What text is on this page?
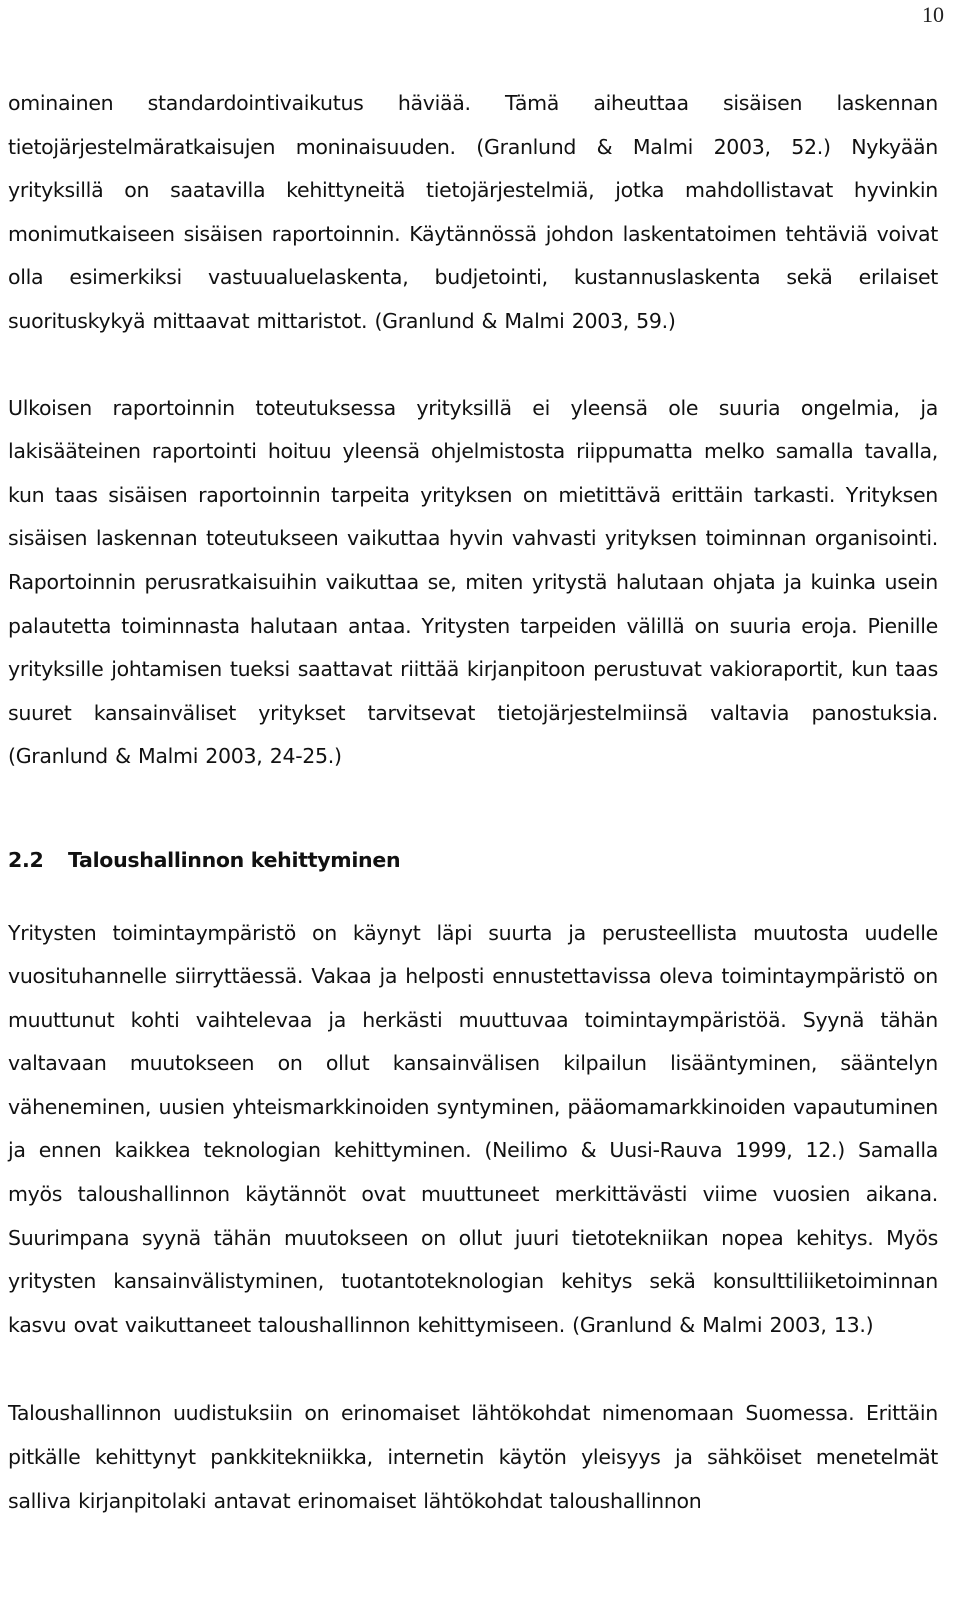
10

ominainen standardointivaikutus häviää. Tämä aiheuttaa sisäisen laskennan tietojärjestelmäratkaisujen moninaisuuden. (Granlund & Malmi 2003, 52.) Nykyään yrityksillä on saatavilla kehittyneitä tietojärjestelmiä, jotka mahdollistavat hyvinkin monimutkaiseen sisäisen raportoinnin. Käytännössä johdon laskentatoimen tehtäviä voivat olla esimerkiksi vastuualuelaskenta, budjetointi, kustannuslaskenta sekä erilaiset suorituskykyä mittaavat mittaristot. (Granlund & Malmi 2003, 59.)

Ulkoisen raportoinnin toteutuksessa yrityksillä ei yleensä ole suuria ongelmia, ja lakisääteinen raportointi hoituu yleensä ohjelmistosta riippumatta melko samalla tavalla, kun taas sisäisen raportoinnin tarpeita yrityksen on mietittävä erittäin tarkasti. Yrityksen sisäisen laskennan toteutukseen vaikuttaa hyvin vahvasti yrityksen toiminnan organisointi. Raportoinnin perusratkaisuihin vaikuttaa se, miten yritystä halutaan ohjata ja kuinka usein palautetta toiminnasta halutaan antaa. Yritysten tarpeiden välillä on suuria eroja. Pienille yrityksille johtamisen tueksi saattavat riittää kirjanpitoon perustuvat vakioraportit, kun taas suuret kansainväliset yritykset tarvitsevat tietojärjestelmiinsä valtavia panostuksia. (Granlund & Malmi 2003, 24-25.)

2.2 Taloushallinnon kehittyminen

Yritysten toimintaympäristö on käynyt läpi suurta ja perusteellista muutosta uudelle vuosituhannelle siirryttäessä. Vakaa ja helposti ennustettavissa oleva toimintaympäristö on muuttunut kohti vaihtelevaa ja herkästi muuttuvaa toimintaympäristöä. Syynä tähän valtavaan muutokseen on ollut kansainvälisen kilpailun lisääntyminen, sääntelyn väheneminen, uusien yhteismarkkinoiden syntyminen, pääomamarkkinoiden vapautuminen ja ennen kaikkea teknologian kehittyminen. (Neilimo & Uusi-Rauva 1999, 12.) Samalla myös taloushallinnon käytännöt ovat muuttuneet merkittävästi viime vuosien aikana. Suurimpana syynä tähän muutokseen on ollut juuri tietotekniikan nopea kehitys. Myös yritysten kansainvälistyminen, tuotantoteknologian kehitys sekä konsulttiliiketoiminnan kasvu ovat vaikuttaneet taloushallinnon kehittymiseen. (Granlund & Malmi 2003, 13.)

Taloushallinnon uudistuksiin on erinomaiset lähtökohdat nimenomaan Suomessa. Erittäin pitkälle kehittynyt pankkitekniikka, internetin käytön yleisyys ja sähköiset menetelmät salliva kirjanpitolaki antavat erinomaiset lähtökohdat taloushallinnon
